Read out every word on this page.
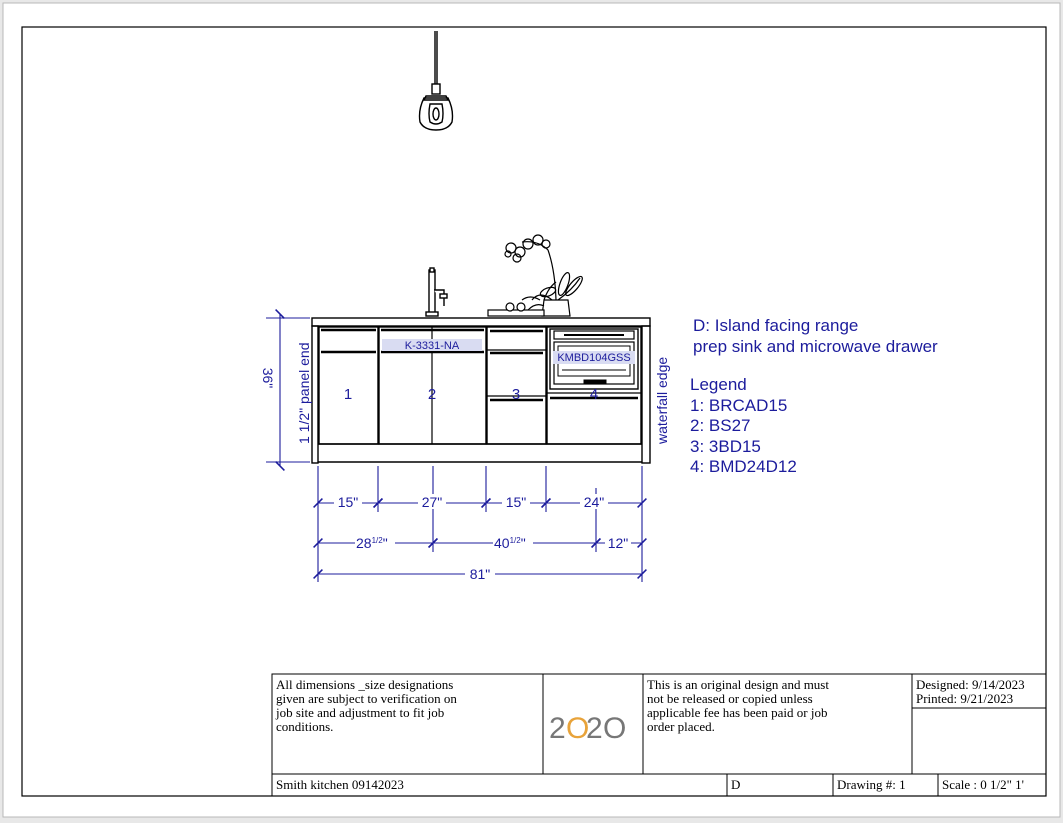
K-3331-NA
KMBD104GSS
1	2	3	4
1 1/2" panel end	waterfall edge
36"
15"	27"	15"	24"
$28^{1/2}$"	$40^{1/2}$"	12"
81"
D: Island facing range
prep sink and microwave drawer
Legend
1: BRCAD15
2: BS27
3: 3BD15
4: BMD24D12
All dimensions _size designations
given are subject to verification on
job site and adjustment to fit job
conditions.	2 O
2 O
This is an original design and must
not be released or copied unless
applicable fee has been paid or job
order placed.
Designed: 9/14/2023
Printed: 9/21/2023
Smith kitchen 09142023	D	Drawing #: 1	Scale : 0 1/2" 1'
